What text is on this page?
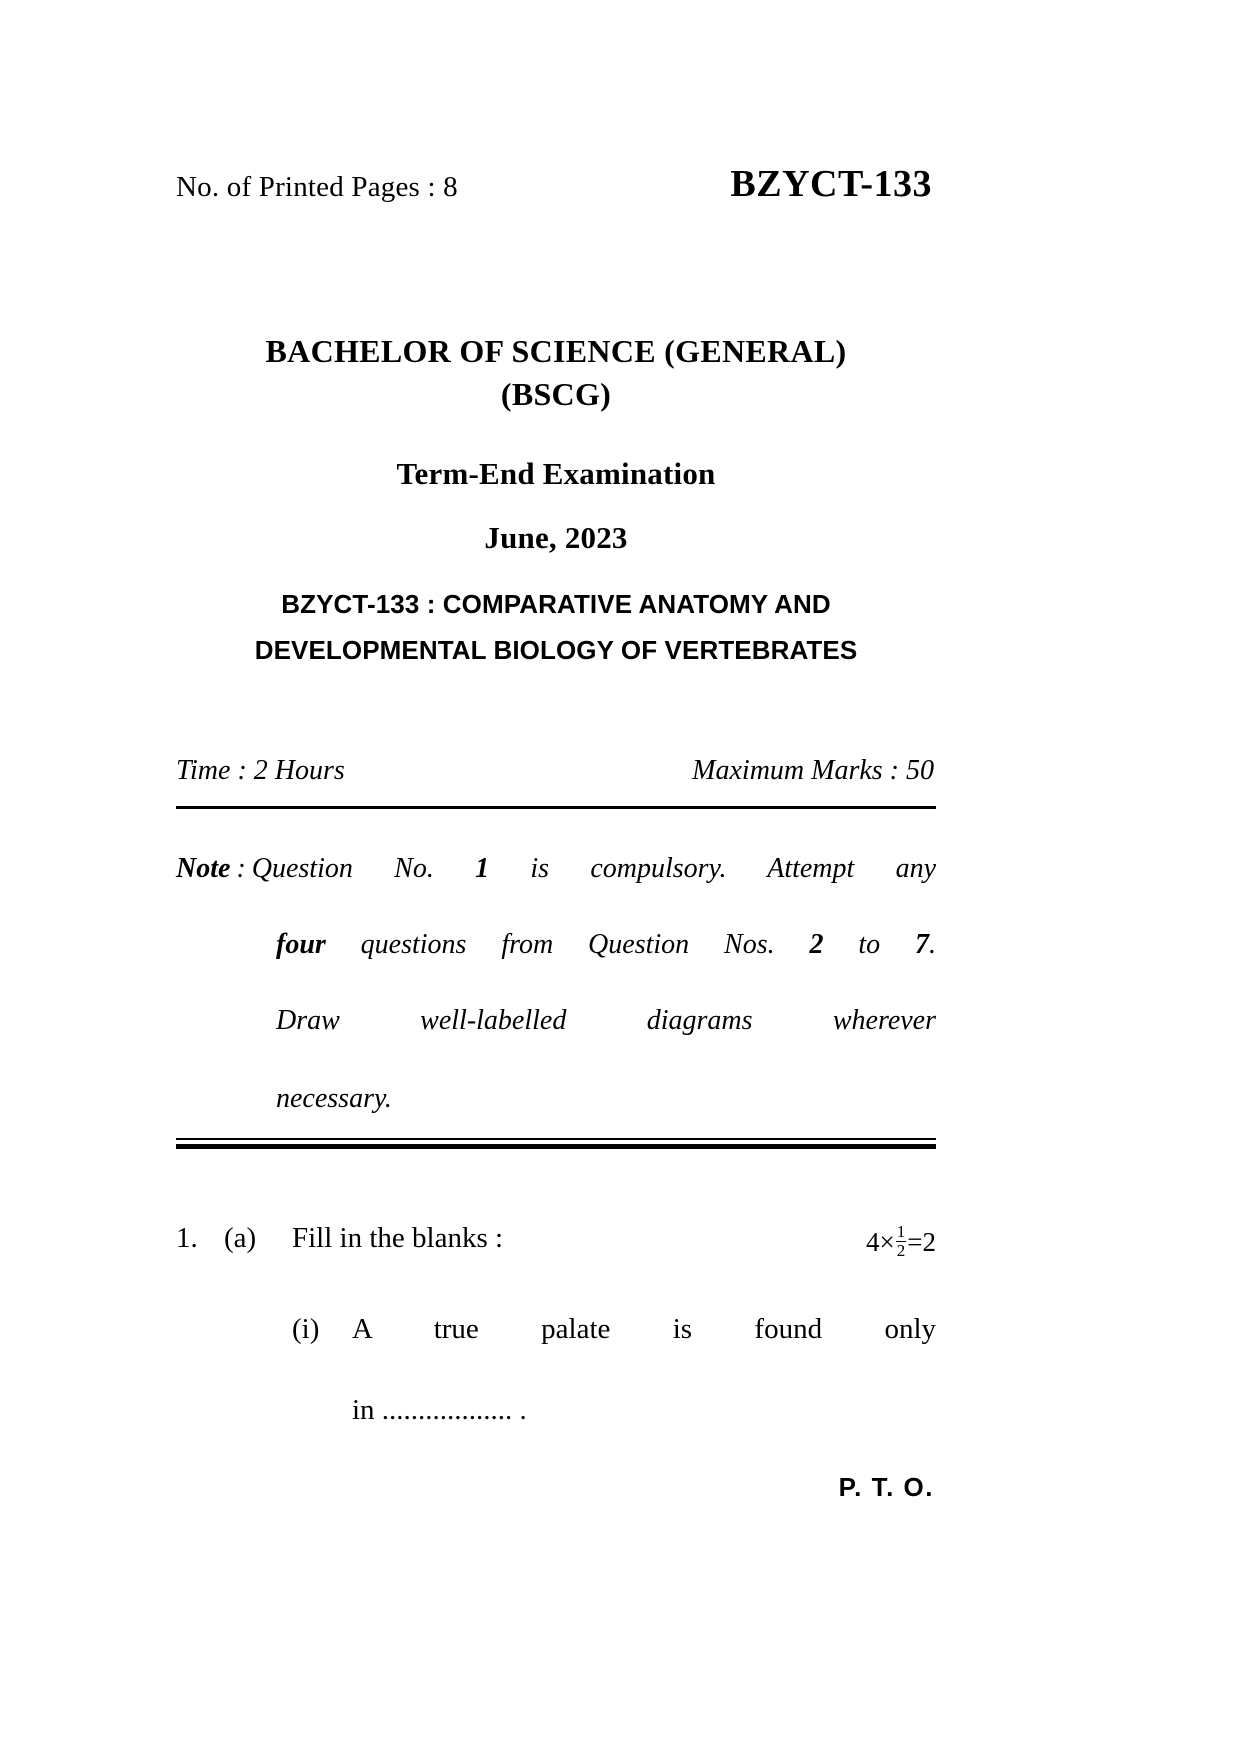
No. of Printed Pages : 8	BZYCT-133
BACHELOR OF SCIENCE (GENERAL)
(BSCG)
Term-End Examination
June, 2023
BZYCT-133 : COMPARATIVE ANATOMY AND
DEVELOPMENTAL BIOLOGY OF VERTEBRATES
Time : 2 Hours	Maximum Marks : 50
Note : Question No. 1 is compulsory. Attempt any
four questions from Question Nos. 2 to 7.
Draw well-labelled diagrams wherever
necessary.
1. (a)	Fill in the blanks :	$4\times \frac{1}{2} =2$
(i)	A true palate is found only
in .................. .
P. T. O.
